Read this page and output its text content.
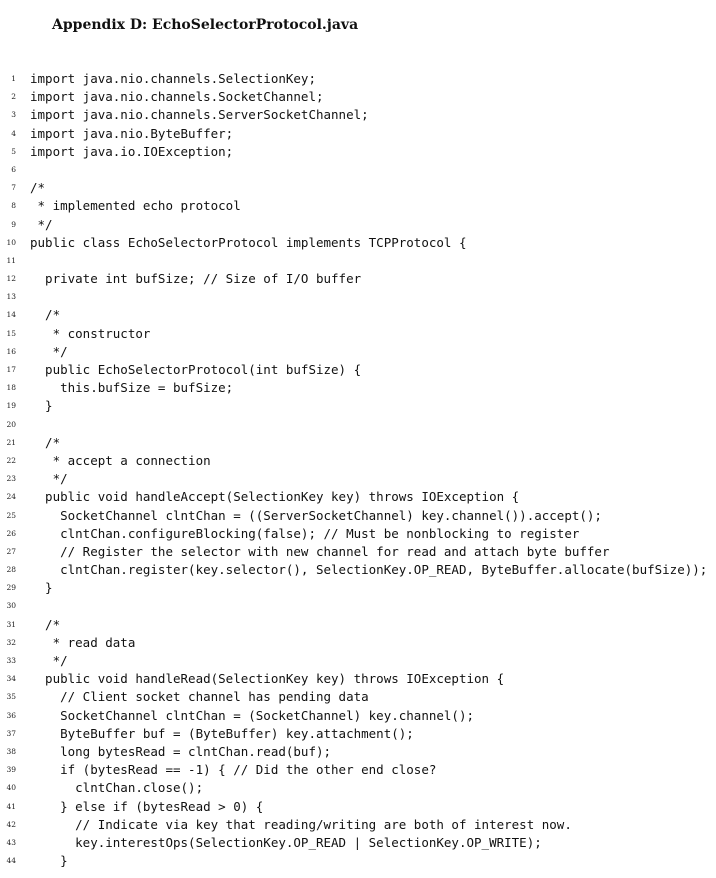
Appendix D: EchoSelectorProtocol.java
1 import java.nio.channels.SelectionKey;
2 import java.nio.channels.SocketChannel;
3 import java.nio.channels.ServerSocketChannel;
4 import java.nio.ByteBuffer;
5 import java.io.IOException;
6
7 /*
8 * implemented echo protocol
9 */
10 public class EchoSelectorProtocol implements TCPProtocol {
11
12 private int bufSize; // Size of I/O buffer
13
14 /*
15 * constructor
16 */
17 public EchoSelectorProtocol(int bufSize) {
18 this.bufSize = bufSize;
19 }
20
21 /*
22 * accept a connection
23 */
24 public void handleAccept(SelectionKey key) throws IOException {
25 SocketChannel clntChan = ((ServerSocketChannel) key.channel()).accept();
26 clntChan.configureBlocking(false); // Must be nonblocking to register
27 // Register the selector with new channel for read and attach byte buffer
28 clntChan.register(key.selector(), SelectionKey.OP_READ, ByteBuffer.allocate(bufSize));
29 }
30
31 /*
32 * read data
33 */
34 public void handleRead(SelectionKey key) throws IOException {
35 // Client socket channel has pending data
36 SocketChannel clntChan = (SocketChannel) key.channel();
37 ByteBuffer buf = (ByteBuffer) key.attachment();
38 long bytesRead = clntChan.read(buf);
39 if (bytesRead == -1) { // Did the other end close?
40 clntChan.close();
41 } else if (bytesRead > 0) {
42 // Indicate via key that reading/writing are both of interest now.
43 key.interestOps(SelectionKey.OP_READ | SelectionKey.OP_WRITE);
44 }
